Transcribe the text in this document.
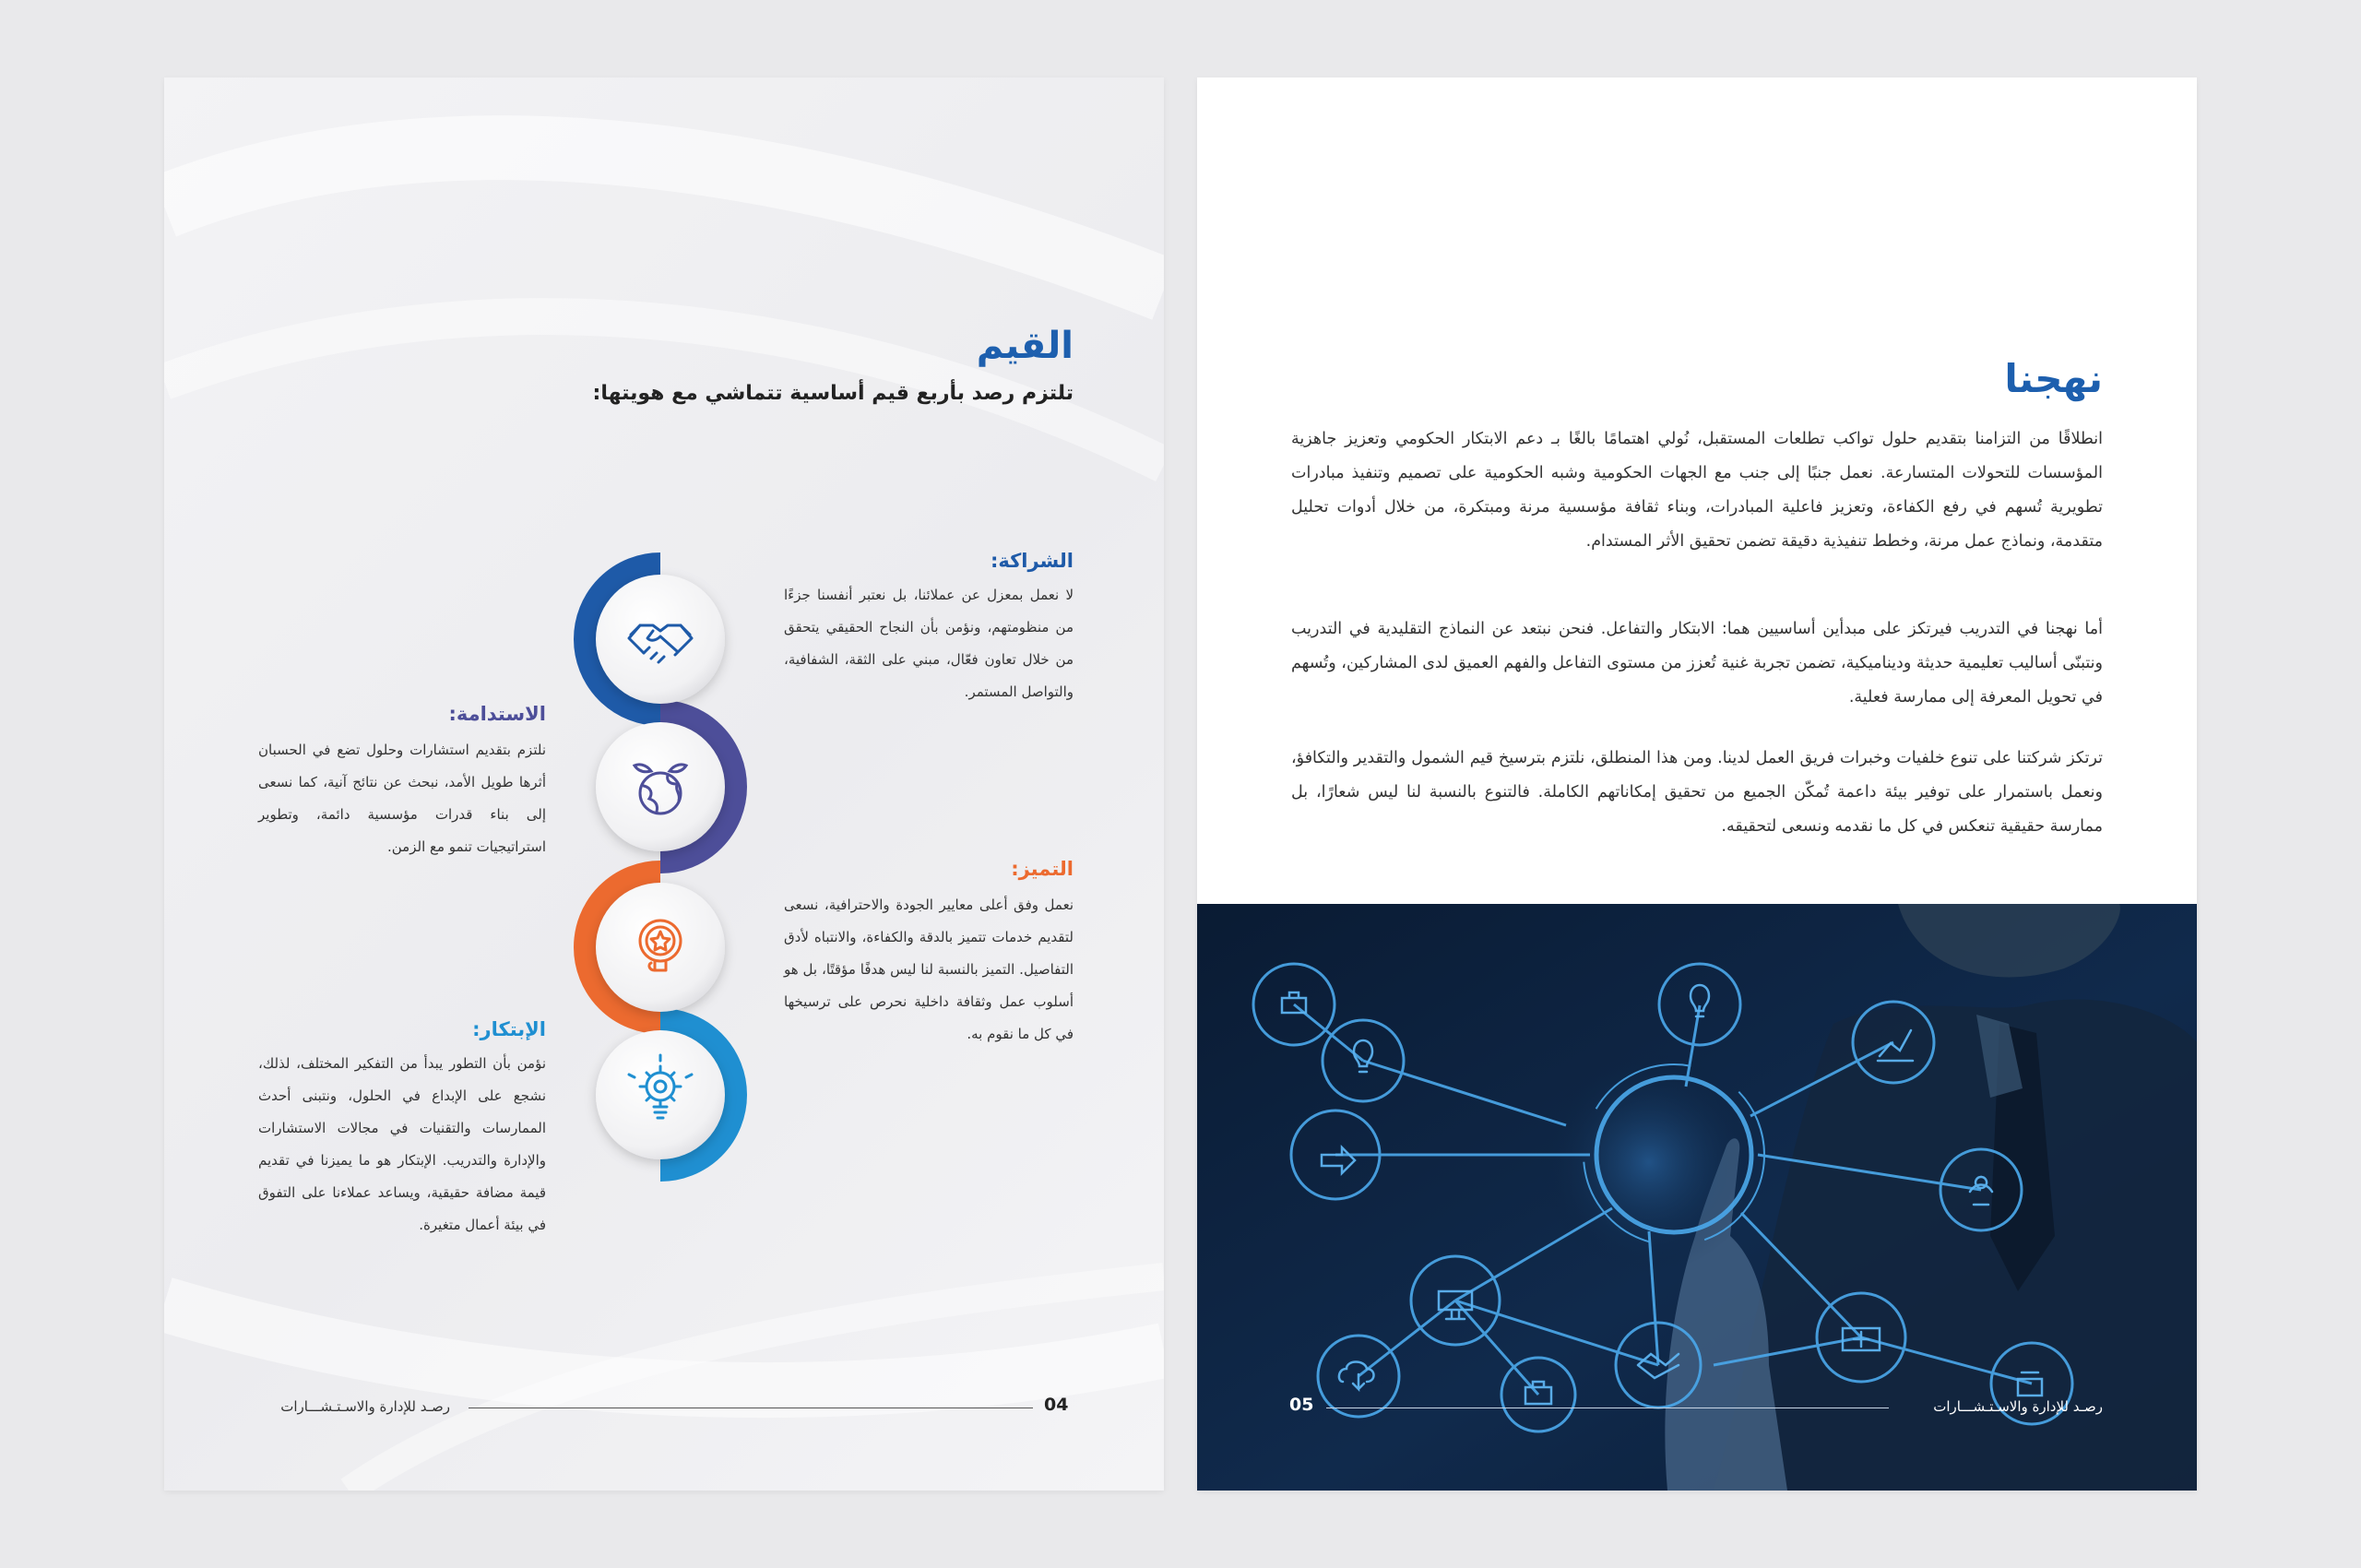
القيم
تلتزم رصد بأربع قيم أساسية تتماشي مع هويتها:
الشراكة:
لا نعمل بمعزل عن عملائنا، بل نعتبر أنفسنا جزءًا من منظومتهم، ونؤمن بأن النجاح الحقيقي يتحقق من خلال تعاون فعّال، مبني على الثقة، الشفافية، والتواصل المستمر.
الاستدامة:
نلتزم بتقديم استشارات وحلول تضع في الحسبان أثرها طويل الأمد، نبحث عن نتائج آنية، كما نسعى إلى بناء قدرات مؤسسية دائمة، وتطوير استراتيجيات تنمو مع الزمن.
التميز:
نعمل وفق أعلى معايير الجودة والاحترافية، نسعى لتقديم خدمات تتميز بالدقة والكفاءة، والانتباه لأدق التفاصيل. التميز بالنسبة لنا ليس هدفًا مؤقتًا، بل هو أسلوب عمل وثقافة داخلية نحرص على ترسيخها في كل ما نقوم به.
الإبتكار:
نؤمن بأن التطور يبدأ من التفكير المختلف، لذلك، نشجع على الإبداع في الحلول، ونتبنى أحدث الممارسات والتقنيات في مجالات الاستشارات والإدارة والتدريب. الإبتكار هو ما يميزنا في تقديم قيمة مضافة حقيقية، ويساعد عملاءنا على التفوق في بيئة أعمال متغيرة.
04
رصـد للإدارة والاسـتـشـــارات
نهجنا

انطلاقًا من التزامنا بتقديم حلول تواكب تطلعات المستقبل، نُولي اهتمامًا بالغًا بـ دعم الابتكار الحكومي وتعزيز جاهزية المؤسسات للتحولات المتسارعة. نعمل جنبًا إلى جنب مع الجهات الحكومية وشبه الحكومية على تصميم وتنفيذ مبادرات تطويرية تُسهم في رفع الكفاءة، وتعزيز فاعلية المبادرات، وبناء ثقافة مؤسسية مرنة ومبتكرة، من خلال أدوات تحليل متقدمة، ونماذج عمل مرنة، وخطط تنفيذية دقيقة تضمن تحقيق الأثر المستدام.

أما نهجنا في التدريب فيرتكز على مبدأين أساسيين هما: الابتكار والتفاعل. فنحن نبتعد عن النماذج التقليدية في التدريب ونتبنّى أساليب تعليمية حديثة وديناميكية، تضمن تجربة غنية تُعزز من مستوى التفاعل والفهم العميق لدى المشاركين، وتُسهم في تحويل المعرفة إلى ممارسة فعلية.

ترتكز شركتنا على تنوع خلفيات وخبرات فريق العمل لدينا. ومن هذا المنطلق، نلتزم بترسيخ قيم الشمول والتقدير والتكافؤ، ونعمل باستمرار على توفير بيئة داعمة تُمكّن الجميع من تحقيق إمكاناتهم الكاملة. فالتنوع بالنسبة لنا ليس شعارًا، بل ممارسة حقيقية تنعكس في كل ما نقدمه ونسعى لتحقيقه.

05	رصـد للإدارة والاسـتـشـــارات
